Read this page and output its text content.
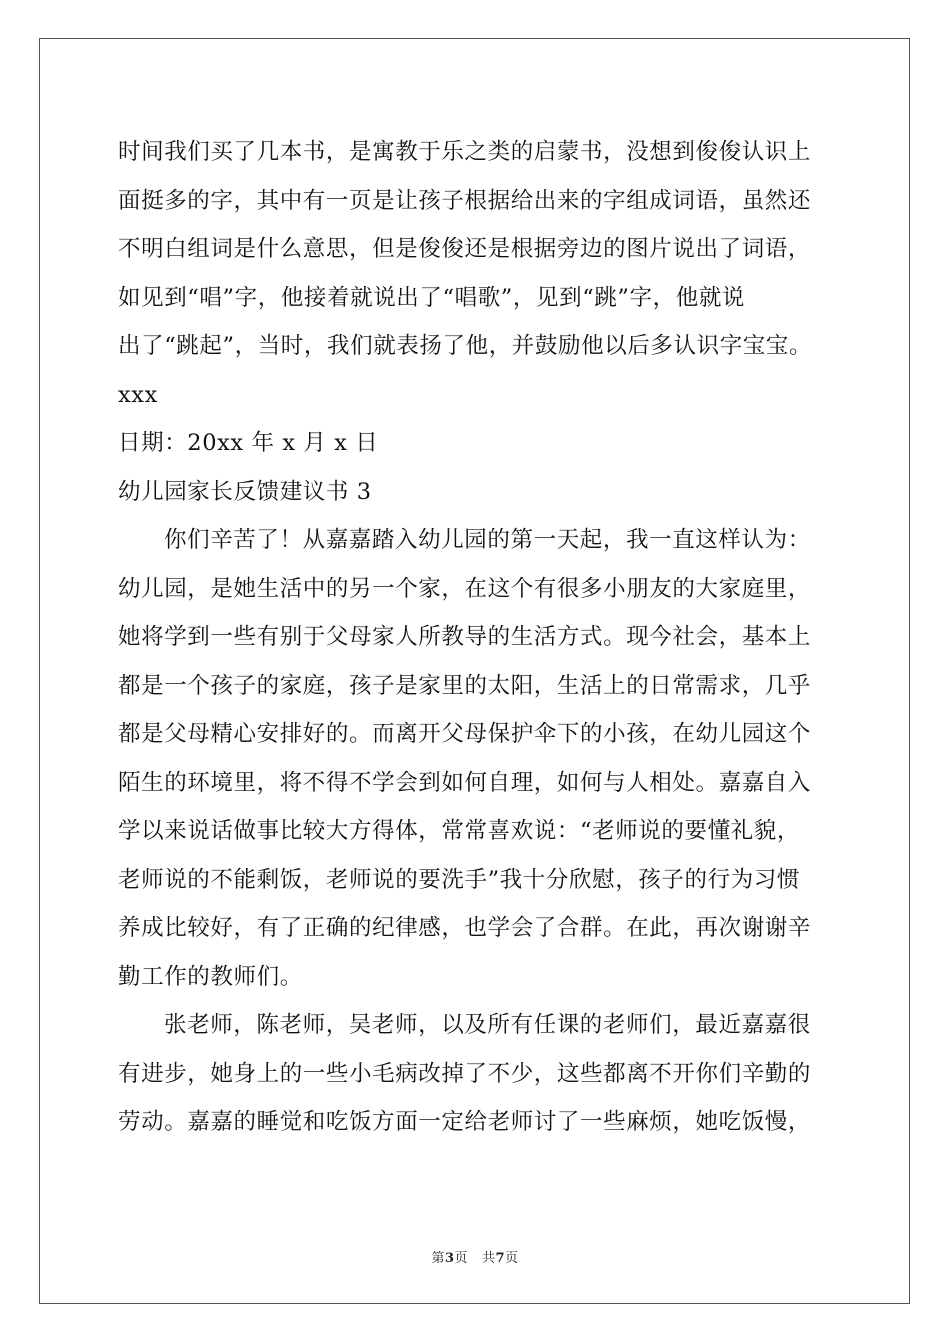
时间我们买了几本书，是寓教于乐之类的启蒙书，没想到俊俊认识上
面挺多的字，其中有一页是让孩子根据给出来的字组成词语，虽然还
不明白组词是什么意思，但是俊俊还是根据旁边的图片说出了词语，
如见到“唱”字，他接着就说出了“唱歌”，见到“跳”字，他就说
出了“跳起”，当时，我们就表扬了他，并鼓励他以后多认识字宝宝。
xxx
日期：20xx 年 x 月 x 日
幼儿园家长反馈建议书 3
你们辛苦了！从嘉嘉踏入幼儿园的第一天起，我一直这样认为：
幼儿园，是她生活中的另一个家，在这个有很多小朋友的大家庭里，
她将学到一些有别于父母家人所教导的生活方式。现今社会，基本上
都是一个孩子的家庭，孩子是家里的太阳，生活上的日常需求，几乎
都是父母精心安排好的。而离开父母保护伞下的小孩，在幼儿园这个
陌生的环境里，将不得不学会到如何自理，如何与人相处。嘉嘉自入
学以来说话做事比较大方得体，常常喜欢说：“老师说的要懂礼貌，
老师说的不能剩饭，老师说的要洗手”我十分欣慰，孩子的行为习惯
养成比较好，有了正确的纪律感，也学会了合群。在此，再次谢谢辛
勤工作的教师们。
张老师，陈老师，吴老师，以及所有任课的老师们，最近嘉嘉很
有进步，她身上的一些小毛病改掉了不少，这些都离不开你们辛勤的
劳动。嘉嘉的睡觉和吃饭方面一定给老师讨了一些麻烦，她吃饭慢，
第3页 共7页
